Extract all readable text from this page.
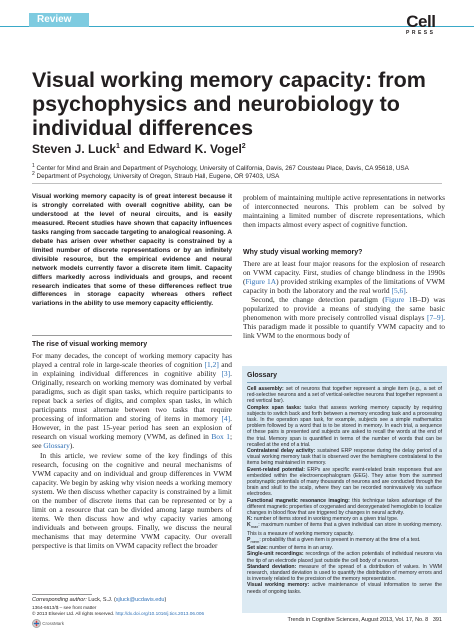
Review	Cell
PRESS
Visual working memory capacity: from psychophysics and neurobiology to individual differences
Steven J. Luck$^1$ and Edward K. Vogel$^2$
$^1$ Center for Mind and Brain and Department of Psychology, University of California, Davis, 267 Cousteau Place, Davis, CA 95618, USA
$^2$ Department of Psychology, University of Oregon, Straub Hall, Eugene, OR 97403, USA
Visual working memory capacity is of great interest because it is strongly correlated with overall cognitive ability, can be understood at the level of neural circuits, and is easily measured. Recent studies have shown that capacity influences tasks ranging from saccade targeting to analogical reasoning. A debate has arisen over whether capacity is constrained by a limited number of discrete representations or by an infinitely divisible resource, but the empirical evidence and neural network models currently favor a discrete item limit. Capacity differs markedly across individuals and groups, and recent research indicates that some of these differences reflect true differences in storage capacity whereas others reflect variations in the ability to use memory capacity efficiently.
The rise of visual working memory

For many decades, the concept of working memory capacity has played a central role in large-scale theories of cognition [1,2] and in explaining individual differences in cognitive ability [3]. Originally, research on working memory was dominated by verbal paradigms, such as digit span tasks, which require participants to repeat back a series of digits, and complex span tasks, in which participants must alternate between two tasks that require processing of information and storing of items in memory [4]. However, in the past 15-year period has seen an explosion of research on visual working memory (VWM, as defined in Box 1; see Glossary).

In this article, we review some of the key findings of this research, focusing on the cognitive and neural mechanisms of VWM capacity and on individual and group differences in VWM capacity. We begin by asking why vision needs a working memory system. We then discuss whether capacity is constrained by a limit on the number of discrete items that can be represented or by a limit on a resource that can be divided among large numbers of items. We then discuss how and why capacity varies among individuals and between groups. Finally, we discuss the neural mechanisms that may determine VWM capacity. Our overall perspective is that limits on VWM capacity reflect the broader

Corresponding author: Luck, S.J. (sjluck@ucdavis.edu)
1364-6613/$ – see front matter
© 2013 Elsevier Ltd. All rights reserved. http://dx.doi.org/10.1016/j.tics.2013.06.006
CrossMark
Trends in Cognitive Sciences, August 2013, Vol. 17, No. 8 391
problem of maintaining multiple active representations in networks of interconnected neurons. This problem can be solved by maintaining a limited number of discrete representations, which then impacts almost every aspect of cognitive function.
Why study visual working memory?

There are at least four major reasons for the explosion of research on VWM capacity. First, studies of change blindness in the 1990s (Figure 1A) provided striking examples of the limitations of VWM capacity in both the laboratory and the real world [5,6].

Second, the change detection paradigm (Figure 1B–D) was popularized to provide a means of studying the same basic phenomenon with more precisely controlled visual displays [7–9]. This paradigm made it possible to quantify VWM capacity and to link VWM to the enormous body of

Glossary
Cell assembly: set of neurons that together represent a single item (e.g., a set of red-selective neurons and a set of vertical-selective neurons that together represent a red vertical bar).
Complex span tasks: tasks that assess working memory capacity by requiring subjects to switch back and forth between a memory encoding task and a processing task. In the operation span task, for example, subjects see a simple mathematics problem followed by a word that is to be stored in memory. In each trial, a sequence of these pairs is presented and subjects are asked to recall the words at the end of the trial. Memory span is quantified in terms of the number of words that can be recalled at the end of a trial.
Contralateral delay activity: sustained ERP response during the delay period of a visual working memory task that is observed over the hemisphere contralateral to the items being maintained in memory.
Event-related potential: ERPs are specific event-related brain responses that are embedded within the electroencephalogram (EEG). They arise from the summed postsynaptic potentials of many thousands of neurons and are conducted through the brain and skull to the scalp, where they can be recorded noninvasively via surface electrodes.
Functional magnetic resonance imaging: this technique takes advantage of the different magnetic properties of oxygenated and deoxygenated hemoglobin to localize changes in blood flow that are triggered by changes in neural activity.
K: number of items stored in working memory on a given trial type.
$K_{max}$: maximum number of items that a given individual can store in working memory. This is a measure of working memory capacity.
$P_{mem}$: probability that a given item is present in memory at the time of a test.
Set size: number of items in an array.
Single-unit recordings: recordings of the action potentials of individual neurons via the tip of an electrode placed just outside the cell body of a neuron.
Standard deviation: measure of the spread of a distribution of values. In VWM research, standard deviation is used to quantify the distribution of memory errors and is inversely related to the precision of the memory representation.
Visual working memory: active maintenance of visual information to serve the needs of ongoing tasks.
